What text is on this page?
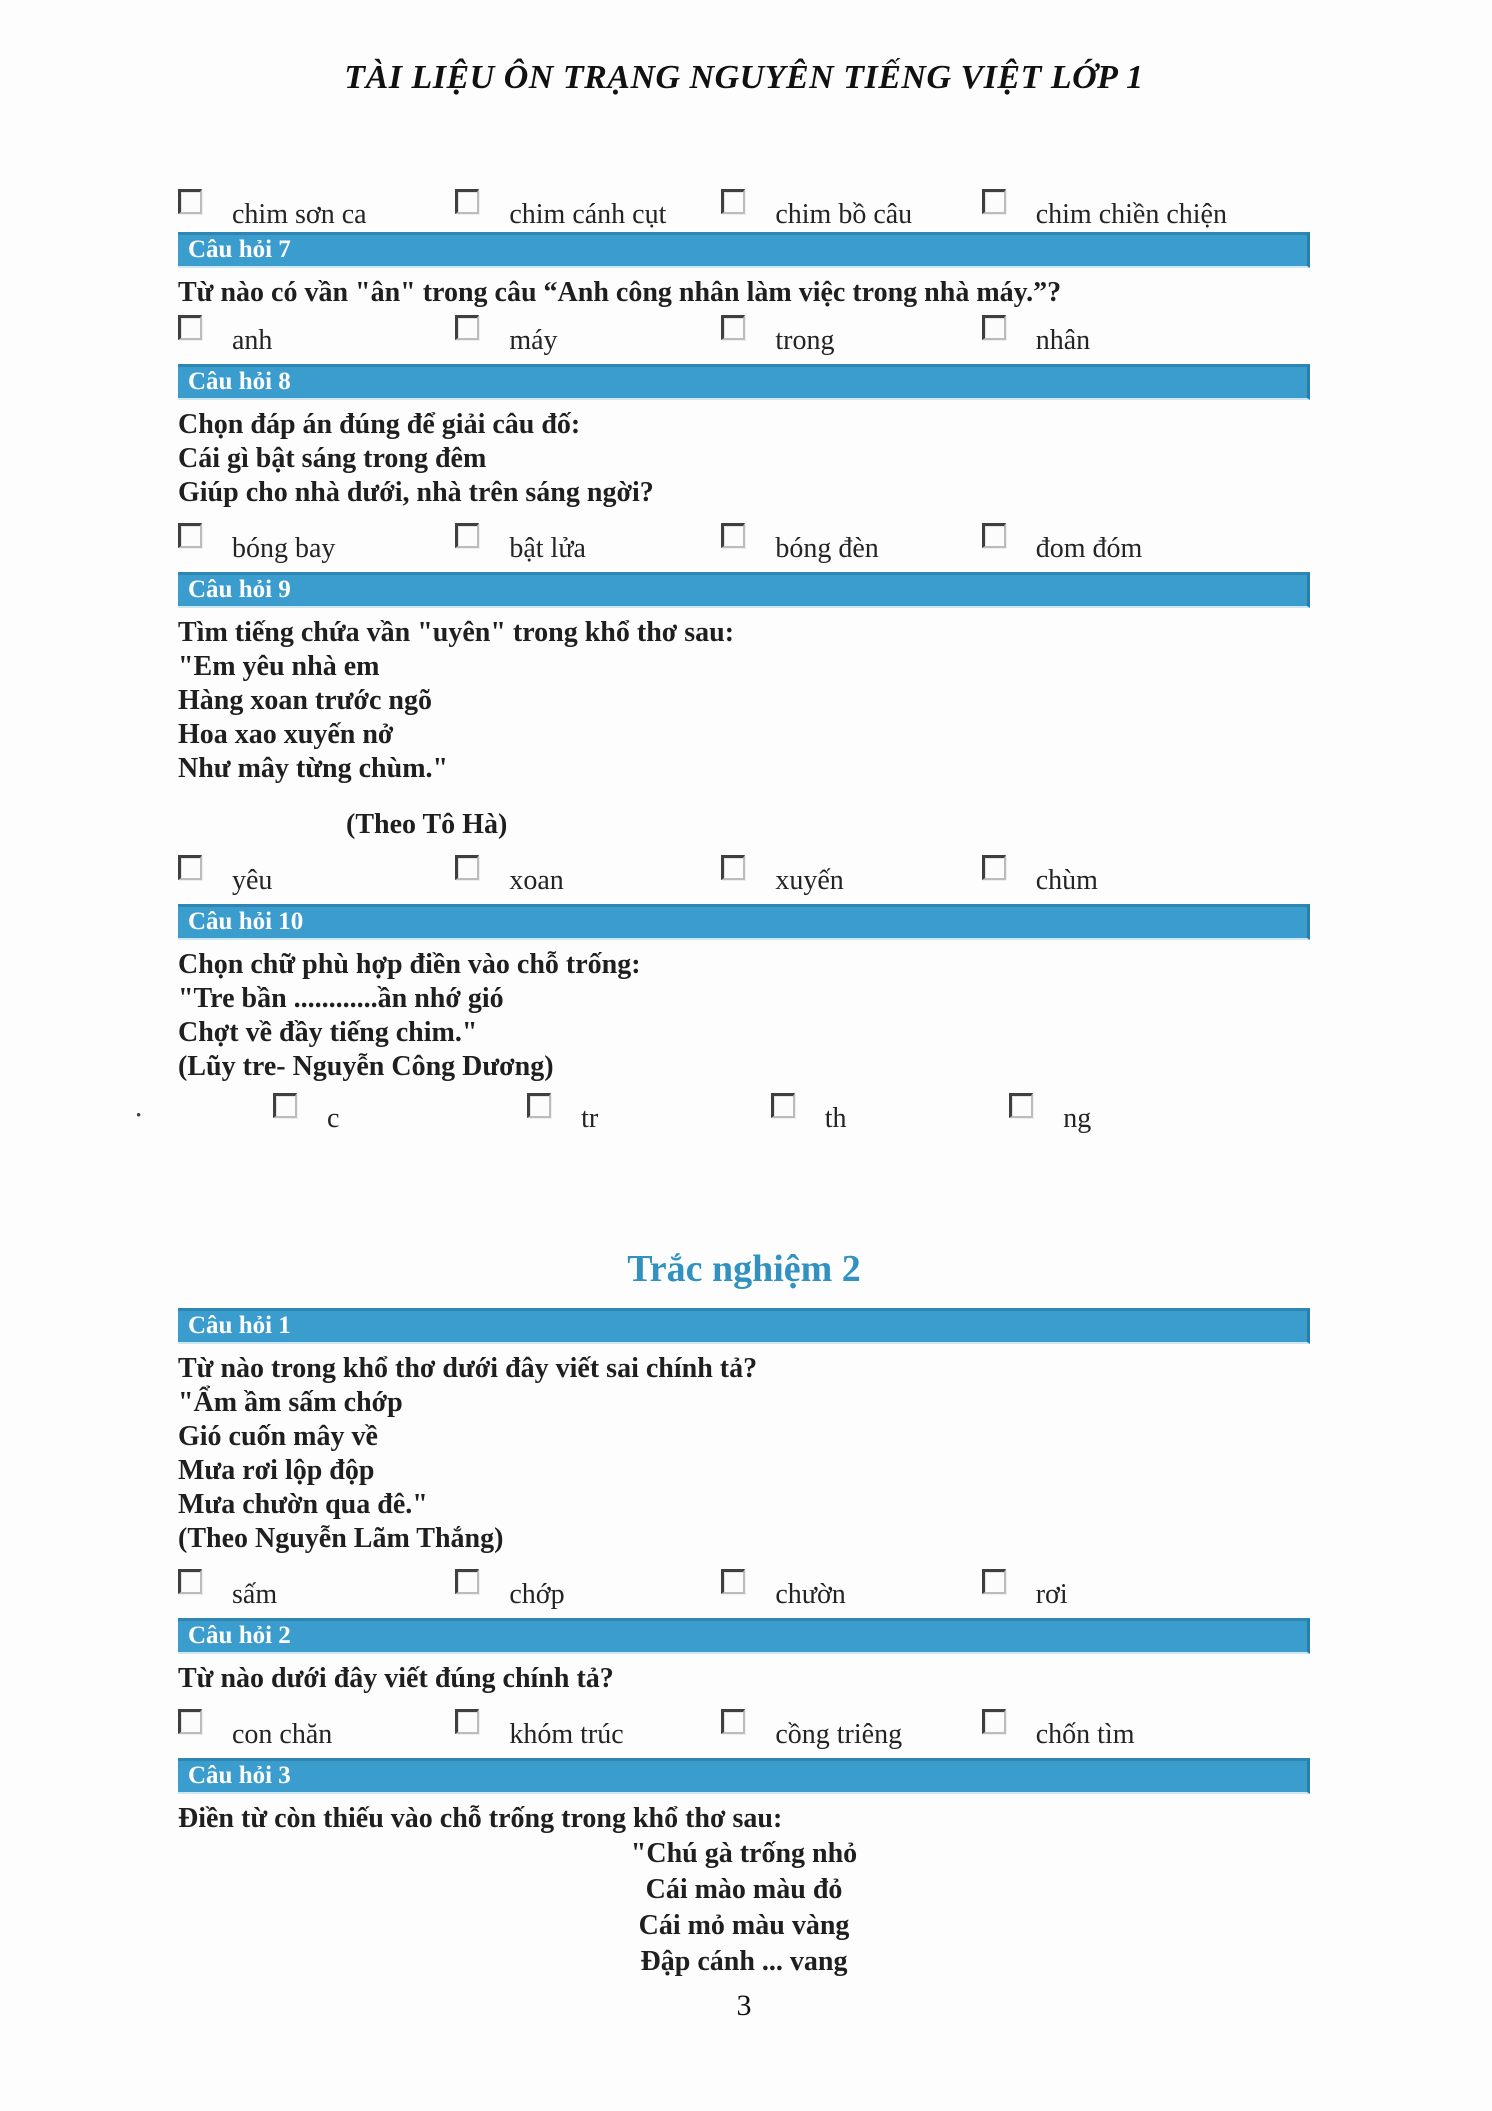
TÀI LIỆU ÔN TRẠNG NGUYÊN TIẾNG VIỆT LỚP 1
chim sơn ca	chim cánh cụt	chim bồ câu	chim chiền chiện
Câu hỏi 7
Từ nào có vần "ân" trong câu “Anh công nhân làm việc trong nhà máy.”?
anh	máy	trong	nhân
Câu hỏi 8
Chọn đáp án đúng để giải câu đố:
Cái gì bật sáng trong đêm
Giúp cho nhà dưới, nhà trên sáng ngời?
bóng bay	bật lửa	bóng đèn	đom đóm
Câu hỏi 9
Tìm tiếng chứa vần "uyên" trong khổ thơ sau:
"Em yêu nhà em
Hàng xoan trước ngõ
Hoa xao xuyến nở
Như mây từng chùm."
(Theo Tô Hà)
yêu	xoan	xuyến	chùm
Câu hỏi 10
Chọn chữ phù hợp điền vào chỗ trống:
"Tre bần ............ần nhớ gió
Chợt về đầy tiếng chim."
(Lũy tre- Nguyễn Công Dương)
•	c	tr	th	ng
Trắc nghiệm 2
Câu hỏi 1
Từ nào trong khổ thơ dưới đây viết sai chính tả?
"Ẩm ầm sấm chớp
Gió cuốn mây về
Mưa rơi lộp độp
Mưa chườn qua đê."
(Theo Nguyễn Lãm Thắng)
sấm	chớp	chườn	rơi
Câu hỏi 2
Từ nào dưới đây viết đúng chính tả?
con chăn	khóm trúc	cồng triêng	chốn tìm
Câu hỏi 3
Điền từ còn thiếu vào chỗ trống trong khổ thơ sau:
"Chú gà trống nhỏ
Cái mào màu đỏ
Cái mỏ màu vàng
Đập cánh ... vang
3
